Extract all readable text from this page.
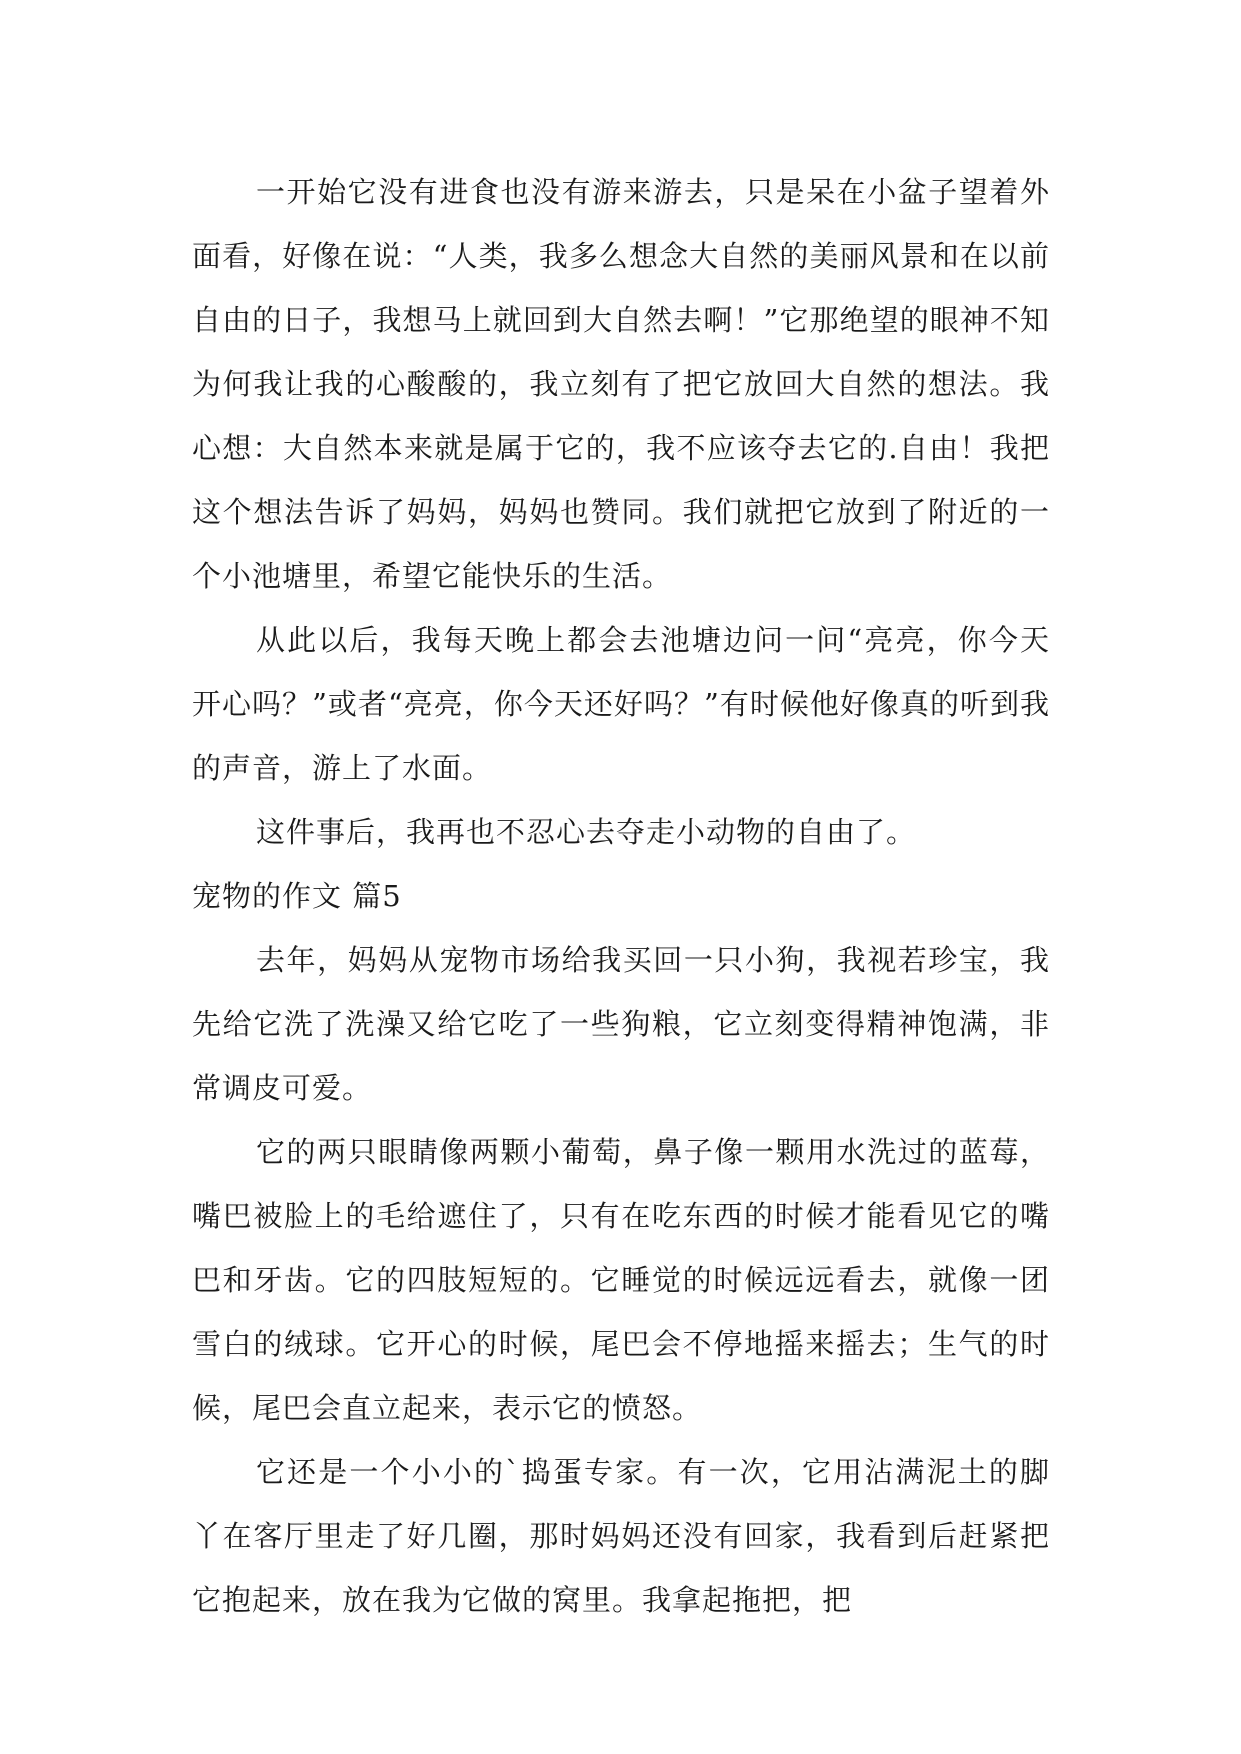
一开始它没有进食也没有游来游去，只是呆在小盆子望着外面看，好像在说：“人类，我多么想念大自然的美丽风景和在以前自由的日子，我想马上就回到大自然去啊！”它那绝望的眼神不知为何我让我的心酸酸的，我立刻有了把它放回大自然的想法。我心想：大自然本来就是属于它的，我不应该夺去它的.自由！我把这个想法告诉了妈妈，妈妈也赞同。我们就把它放到了附近的一个小池塘里，希望它能快乐的生活。

从此以后，我每天晚上都会去池塘边问一问“亮亮，你今天开心吗？”或者“亮亮，你今天还好吗？”有时候他好像真的听到我的声音，游上了水面。

这件事后，我再也不忍心去夺走小动物的自由了。

宠物的作文 篇5

去年，妈妈从宠物市场给我买回一只小狗，我视若珍宝，我先给它洗了洗澡又给它吃了一些狗粮，它立刻变得精神饱满，非常调皮可爱。

它的两只眼睛像两颗小葡萄，鼻子像一颗用水洗过的蓝莓，嘴巴被脸上的毛给遮住了，只有在吃东西的时候才能看见它的嘴巴和牙齿。它的四肢短短的。它睡觉的时候远远看去，就像一团雪白的绒球。它开心的时候，尾巴会不停地摇来摇去；生气的时候，尾巴会直立起来，表示它的愤怒。

它还是一个小小的`捣蛋专家。有一次，它用沾满泥土的脚丫在客厅里走了好几圈，那时妈妈还没有回家，我看到后赶紧把它抱起来，放在我为它做的窝里。我拿起拖把，把
